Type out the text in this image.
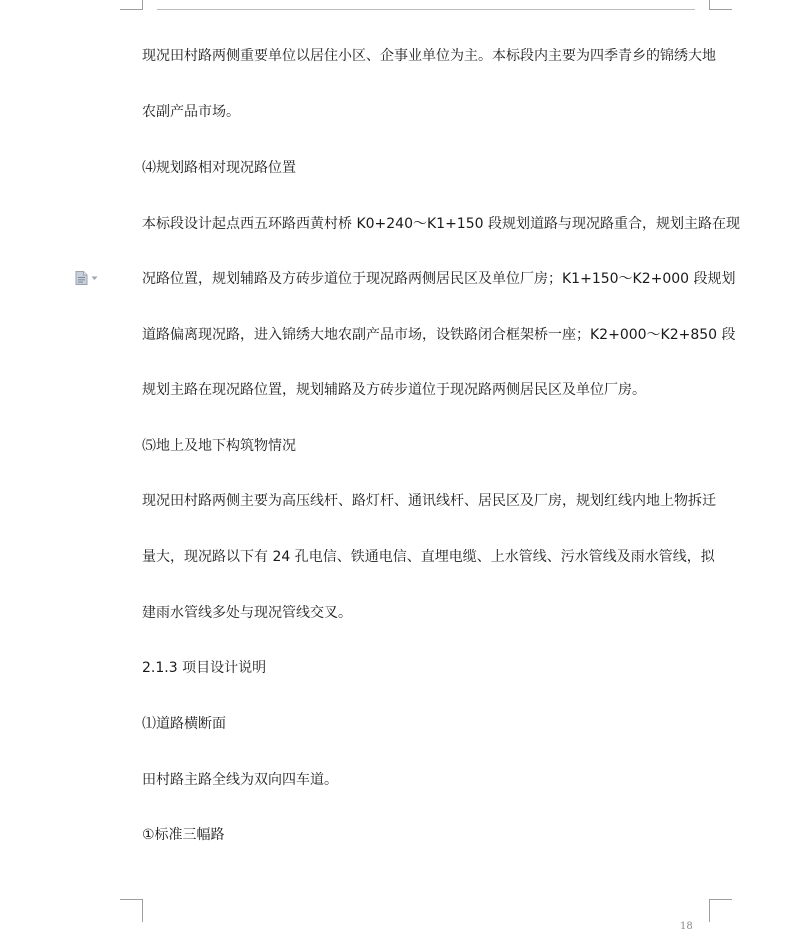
现况田村路两侧重要单位以居住小区、企事业单位为主。本标段内主要为四季青乡的锦绣大地
农副产品市场。
⑷规划路相对现况路位置
本标段设计起点西五环路西黄村桥 K0+240～K1+150 段规划道路与现况路重合，规划主路在现
况路位置，规划辅路及方砖步道位于现况路两侧居民区及单位厂房；K1+150～K2+000 段规划
道路偏离现况路，进入锦绣大地农副产品市场，设铁路闭合框架桥一座；K2+000～K2+850 段
规划主路在现况路位置，规划辅路及方砖步道位于现况路两侧居民区及单位厂房。
⑸地上及地下构筑物情况
现况田村路两侧主要为高压线杆、路灯杆、通讯线杆、居民区及厂房，规划红线内地上物拆迁
量大，现况路以下有 24 孔电信、铁通电信、直埋电缆、上水管线、污水管线及雨水管线，拟
建雨水管线多处与现况管线交叉。
2.1.3 项目设计说明
⑴道路横断面
田村路主路全线为双向四车道。
①标准三幅路
18
